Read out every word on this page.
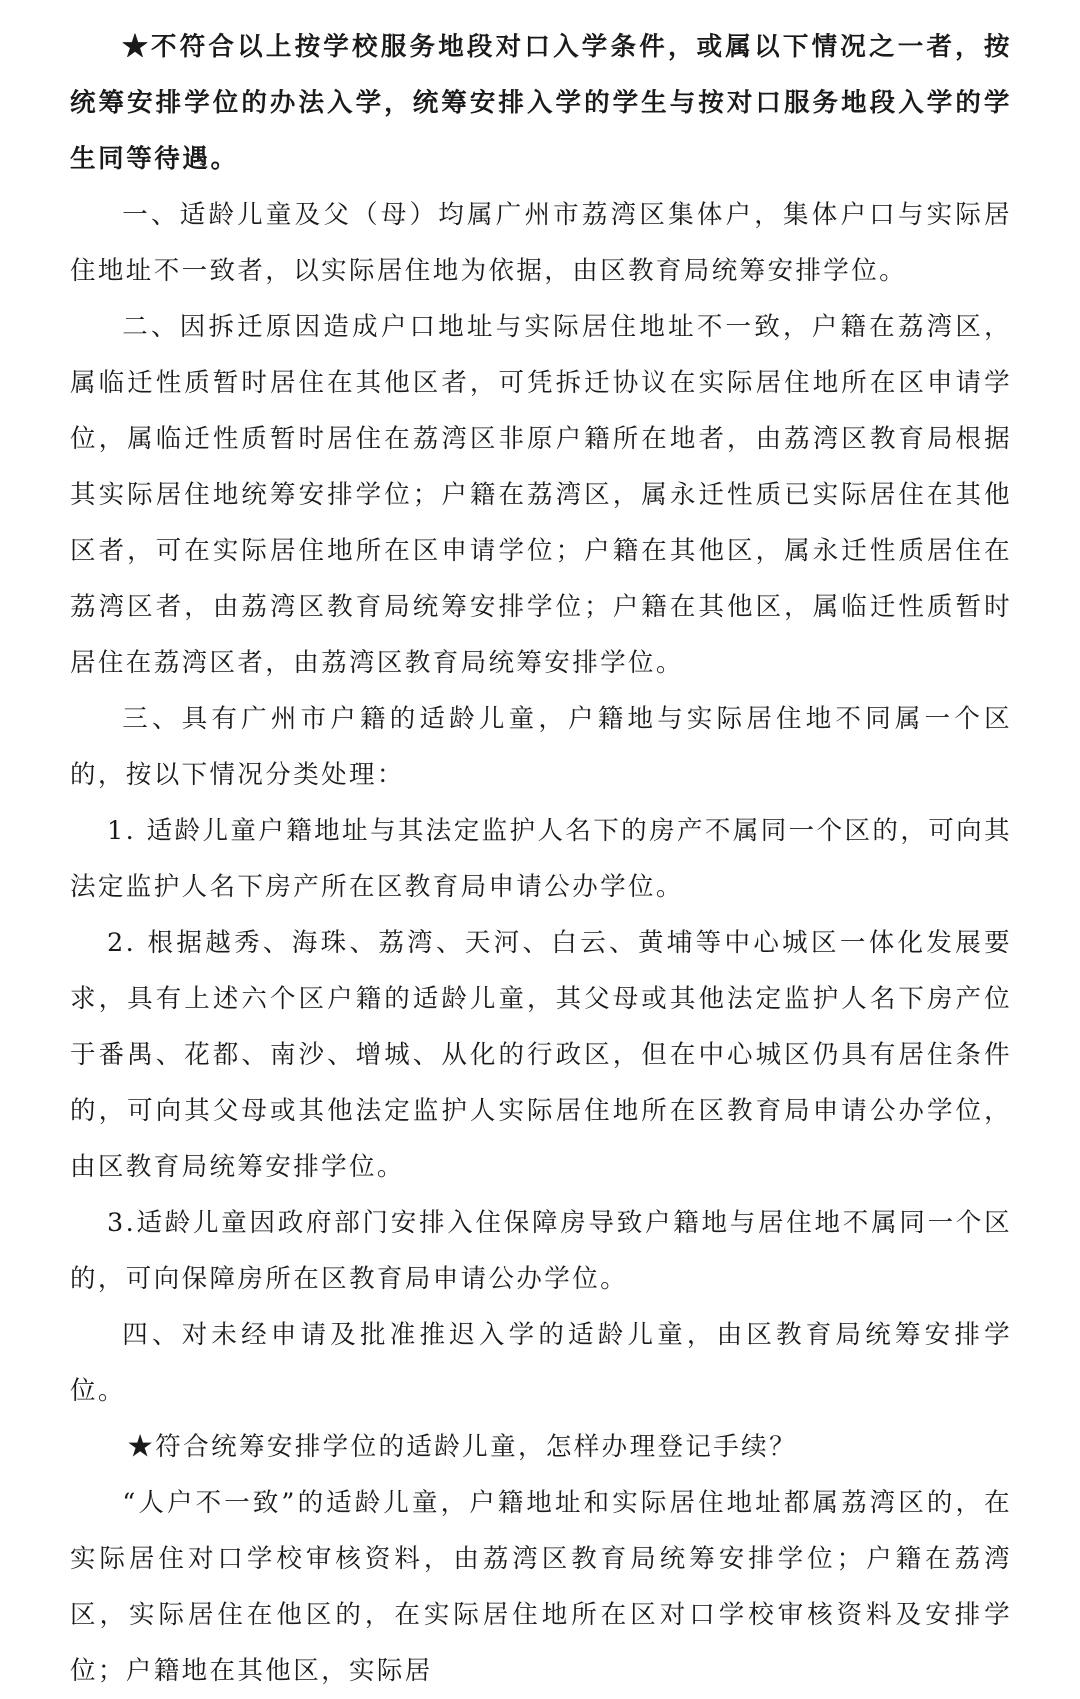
★不符合以上按学校服务地段对口入学条件，或属以下情况之一者，按统筹安排学位的办法入学，统筹安排入学的学生与按对口服务地段入学的学生同等待遇。

一、适龄儿童及父（母）均属广州市荔湾区集体户，集体户口与实际居住地址不一致者，以实际居住地为依据，由区教育局统筹安排学位。

二、因拆迁原因造成户口地址与实际居住地址不一致，户籍在荔湾区，属临迁性质暂时居住在其他区者，可凭拆迁协议在实际居住地所在区申请学位，属临迁性质暂时居住在荔湾区非原户籍所在地者，由荔湾区教育局根据其实际居住地统筹安排学位；户籍在荔湾区，属永迁性质已实际居住在其他区者，可在实际居住地所在区申请学位；户籍在其他区，属永迁性质居住在荔湾区者，由荔湾区教育局统筹安排学位；户籍在其他区，属临迁性质暂时居住在荔湾区者，由荔湾区教育局统筹安排学位。

三、具有广州市户籍的适龄儿童，户籍地与实际居住地不同属一个区的，按以下情况分类处理：

1. 适龄儿童户籍地址与其法定监护人名下的房产不属同一个区的，可向其法定监护人名下房产所在区教育局申请公办学位。

2. 根据越秀、海珠、荔湾、天河、白云、黄埔等中心城区一体化发展要求，具有上述六个区户籍的适龄儿童，其父母或其他法定监护人名下房产位于番禺、花都、南沙、增城、从化的行政区，但在中心城区仍具有居住条件的，可向其父母或其他法定监护人实际居住地所在区教育局申请公办学位，由区教育局统筹安排学位。

3.适龄儿童因政府部门安排入住保障房导致户籍地与居住地不属同一个区的，可向保障房所在区教育局申请公办学位。

四、对未经申请及批准推迟入学的适龄儿童，由区教育局统筹安排学位。

★符合统筹安排学位的适龄儿童，怎样办理登记手续？

“人户不一致”的适龄儿童，户籍地址和实际居住地址都属荔湾区的，在实际居住对口学校审核资料，由荔湾区教育局统筹安排学位；户籍在荔湾区，实际居住在他区的，在实际居住地所在区对口学校审核资料及安排学位；户籍地在其他区，实际居
